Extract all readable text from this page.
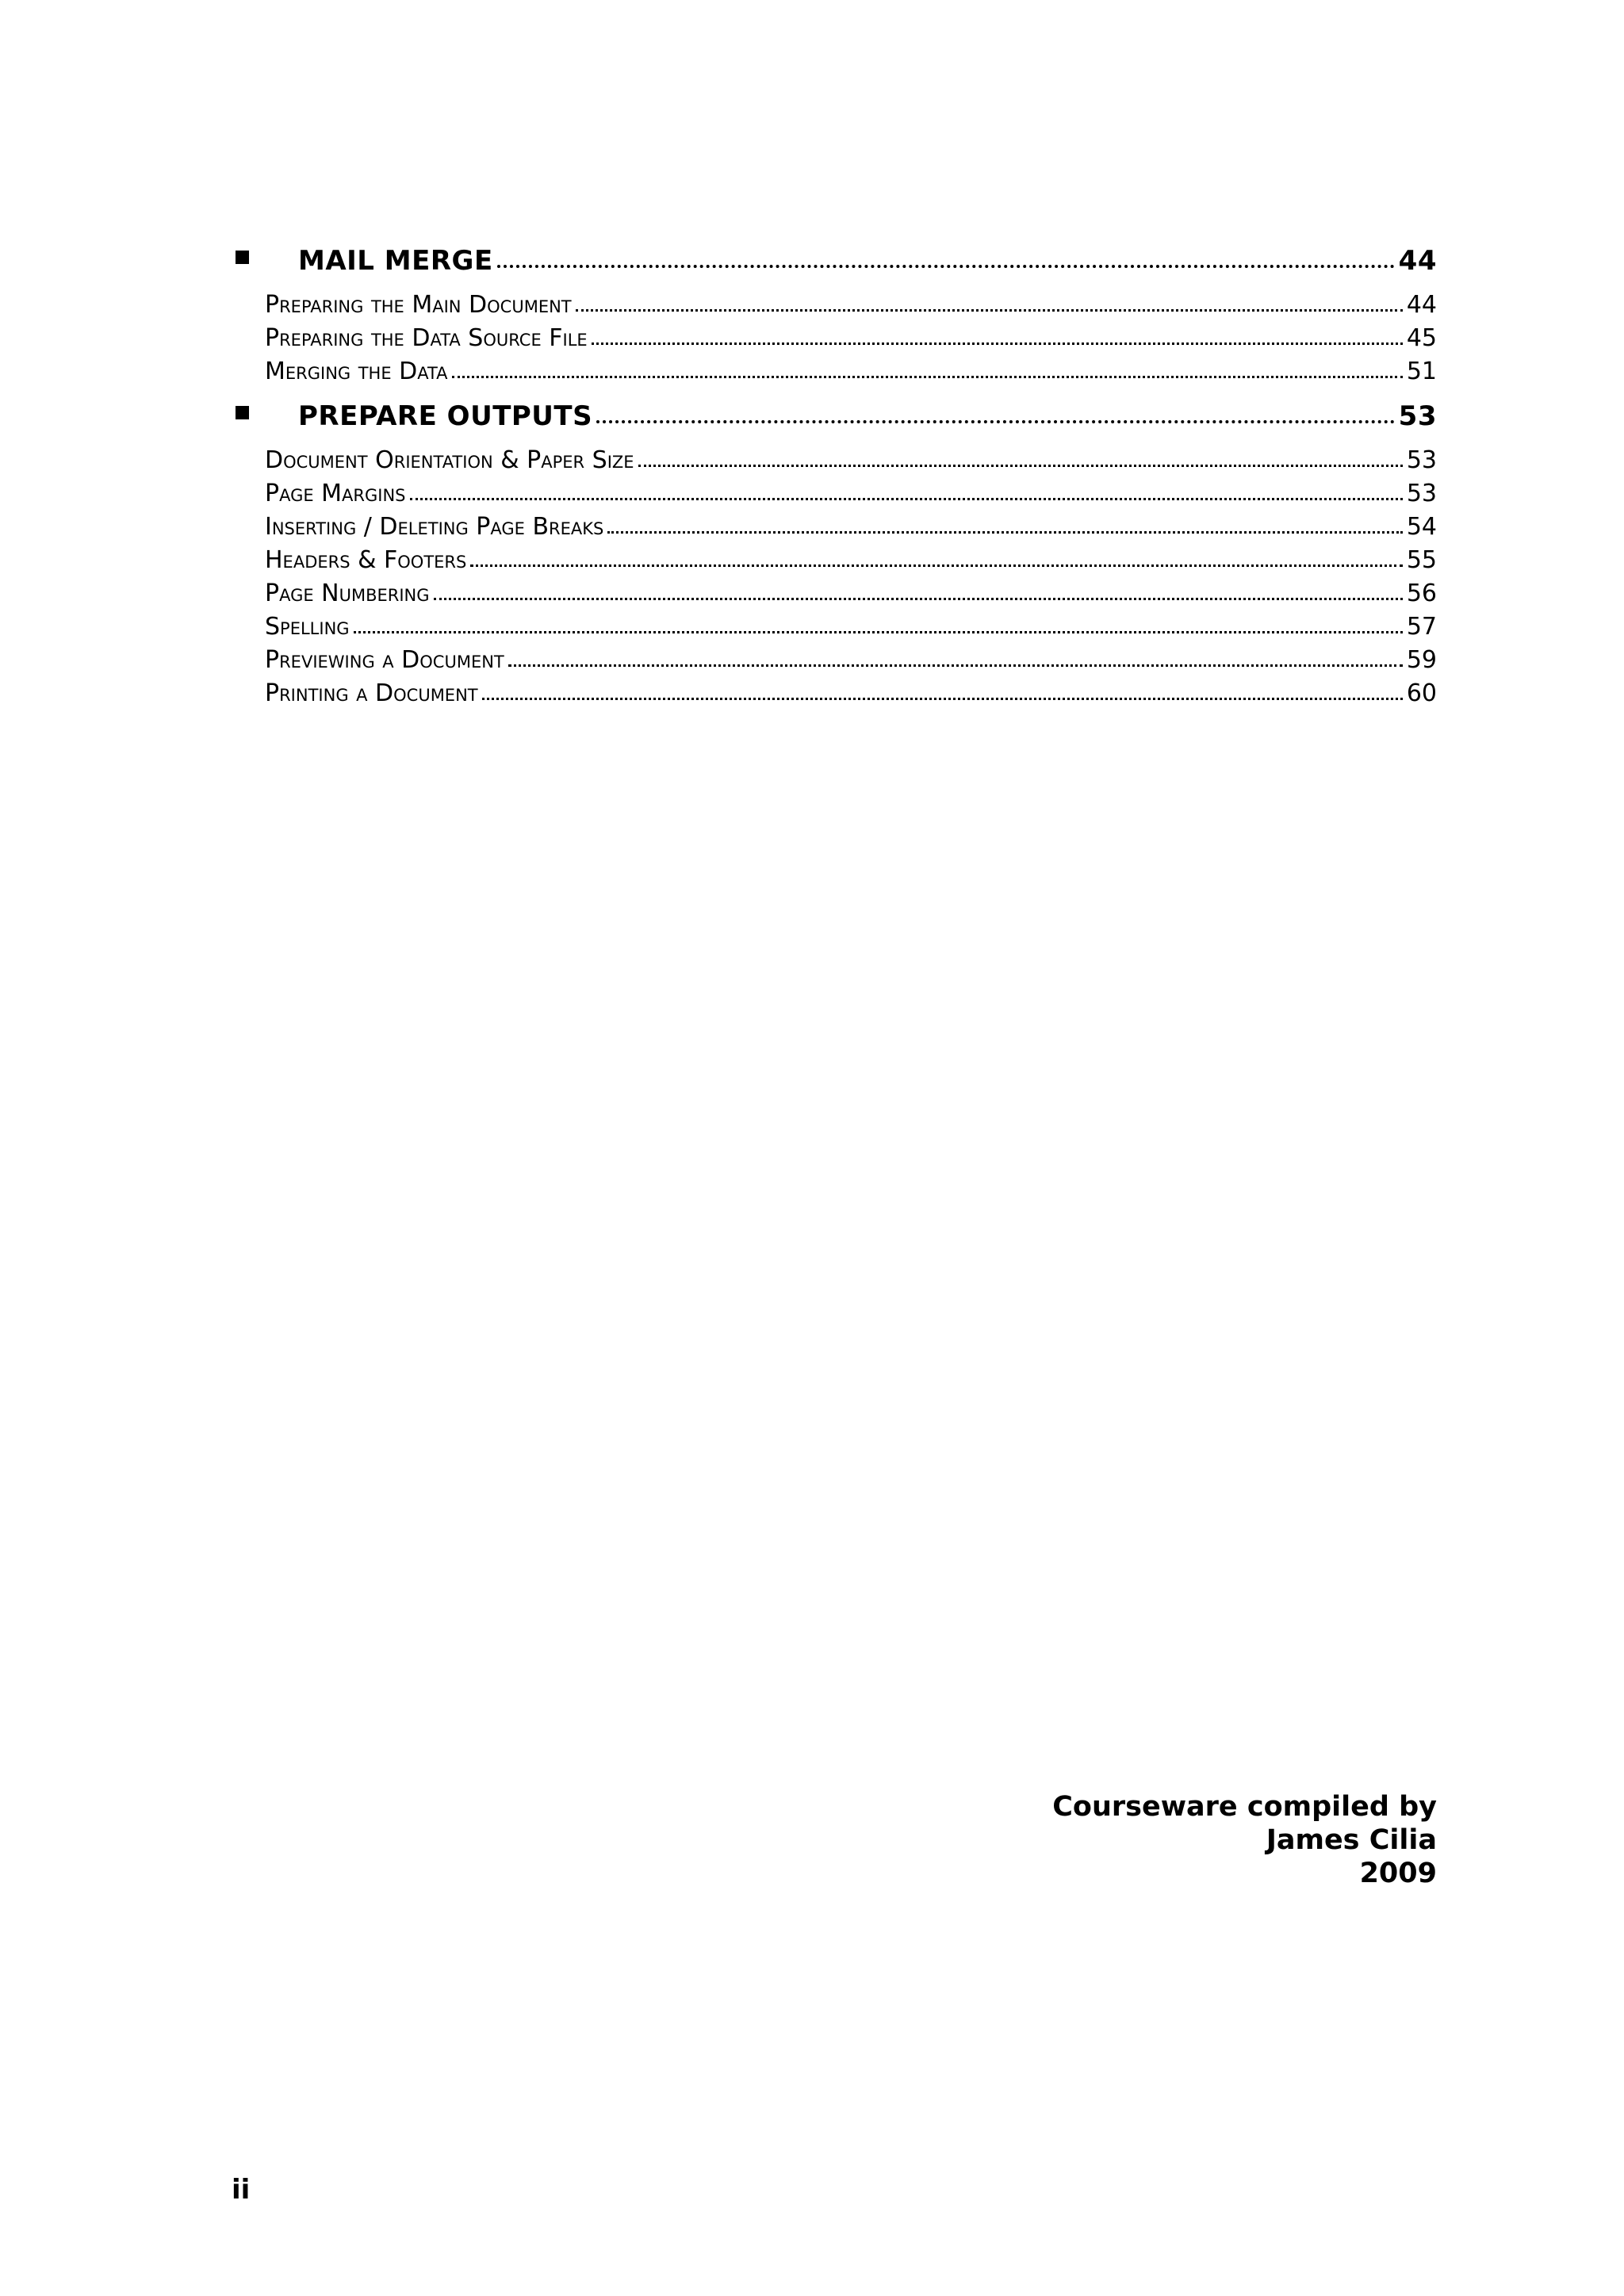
MAIL MERGE	44
Preparing the Main Document	44
Preparing the Data Source File	45
Merging the Data	51
PREPARE OUTPUTS	53
Document Orientation & Paper Size	53
Page Margins	53
Inserting / Deleting Page Breaks	54
Headers & Footers	55
Page Numbering	56
Spelling	57
Previewing a Document	59
Printing a Document	60
Courseware compiled by
James Cilia
2009
ii
